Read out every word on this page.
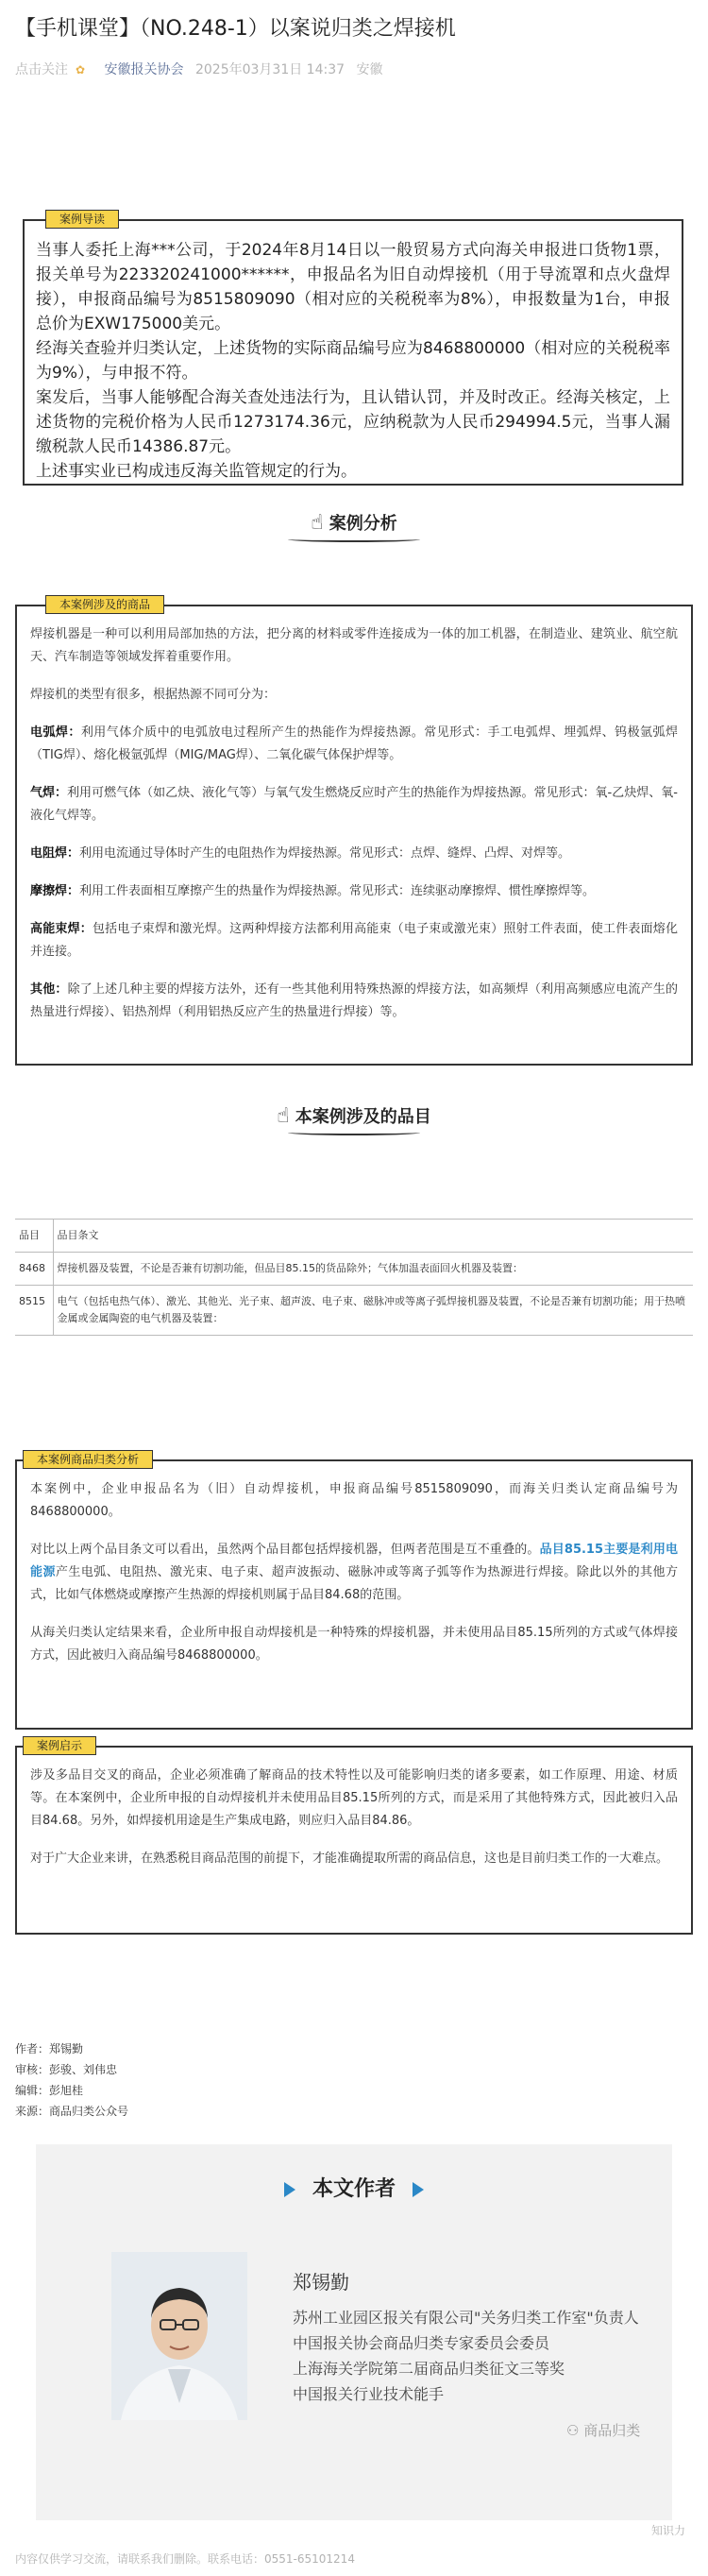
【手机课堂】（NO.248-1）以案说归类之焊接机
点击关注 ✿ 安徽报关协会 2025年03月31日 14:37 安徽
案例导读

当事人委托上海***公司，于2024年8月14日以一般贸易方式向海关申报进口货物1票，报关单号为223320241000******，申报品名为旧自动焊接机（用于导流罩和点火盘焊接），申报商品编号为8515809090（相对应的关税税率为8%），申报数量为1台，申报总价为EXW175000美元。

经海关查验并归类认定，上述货物的实际商品编号应为8468800000（相对应的关税税率为9%），与申报不符。

案发后，当事人能够配合海关查处违法行为，且认错认罚，并及时改正。经海关核定，上述货物的完税价格为人民币1273174.36元，应纳税款为人民币294994.5元，当事人漏缴税款人民币14386.87元。

上述事实业已构成违反海关监管规定的行为。

☝ 案例分析
本案例涉及的商品

焊接机器是一种可以利用局部加热的方法，把分离的材料或零件连接成为一体的加工机器，在制造业、建筑业、航空航天、汽车制造等领域发挥着重要作用。

焊接机的类型有很多，根据热源不同可分为：

电弧焊：利用气体介质中的电弧放电过程所产生的热能作为焊接热源。常见形式：手工电弧焊、埋弧焊、钨极氩弧焊（TIG焊）、熔化极氩弧焊（MIG/MAG焊）、二氧化碳气体保护焊等。

气焊：利用可燃气体（如乙炔、液化气等）与氧气发生燃烧反应时产生的热能作为焊接热源。常见形式：氧-乙炔焊、氧-液化气焊等。

电阻焊：利用电流通过导体时产生的电阻热作为焊接热源。常见形式：点焊、缝焊、凸焊、对焊等。

摩擦焊：利用工件表面相互摩擦产生的热量作为焊接热源。常见形式：连续驱动摩擦焊、惯性摩擦焊等。

高能束焊：包括电子束焊和激光焊。这两种焊接方法都利用高能束（电子束或激光束）照射工件表面，使工件表面熔化并连接。

其他：除了上述几种主要的焊接方法外，还有一些其他利用特殊热源的焊接方法，如高频焊（利用高频感应电流产生的热量进行焊接）、铝热剂焊（利用铝热反应产生的热量进行焊接）等。

☝ 本案例涉及的品目
品目	品目条文
8468	焊接机器及装置，不论是否兼有切割功能，但品目85.15的货品除外；气体加温表面回火机器及装置：
8515	电气（包括电热气体）、激光、其他光、光子束、超声波、电子束、磁脉冲或等离子弧焊接机器及装置，不论是否兼有切割功能；用于热喷金属或金属陶瓷的电气机器及装置：
本案例商品归类分析

本案例中，企业申报品名为（旧）自动焊接机，申报商品编号8515809090，而海关归类认定商品编号为8468800000。

对比以上两个品目条文可以看出，虽然两个品目都包括焊接机器，但两者范围是互不重叠的。品目85.15主要是利用电能源产生电弧、电阻热、激光束、电子束、超声波振动、磁脉冲或等离子弧等作为热源进行焊接。除此以外的其他方式，比如气体燃烧或摩擦产生热源的焊接机则属于品目84.68的范围。

从海关归类认定结果来看，企业所申报自动焊接机是一种特殊的焊接机器，并未使用品目85.15所列的方式或气体焊接方式，因此被归入商品编号8468800000。

案例启示

涉及多品目交叉的商品，企业必须准确了解商品的技术特性以及可能影响归类的诸多要素，如工作原理、用途、材质等。在本案例中，企业所申报的自动焊接机并未使用品目85.15所列的方式，而是采用了其他特殊方式，因此被归入品目84.68。另外，如焊接机用途是生产集成电路，则应归入品目84.86。

对于广大企业来讲，在熟悉税目商品范围的前提下，才能准确提取所需的商品信息，这也是目前归类工作的一大难点。

作者：郑锡勤
审核：彭骏、刘伟忠
编辑：彭旭桂
来源：商品归类公众号
本文作者
郑锡勤
苏州工业园区报关有限公司"关务归类工作室"负责人
中国报关协会商品归类专家委员会委员
上海海关学院第二届商品归类征文三等奖
中国报关行业技术能手
⚇ 商品归类
内容仅供学习交流，请联系我们删除。联系电话：0551-65101214
知识力
